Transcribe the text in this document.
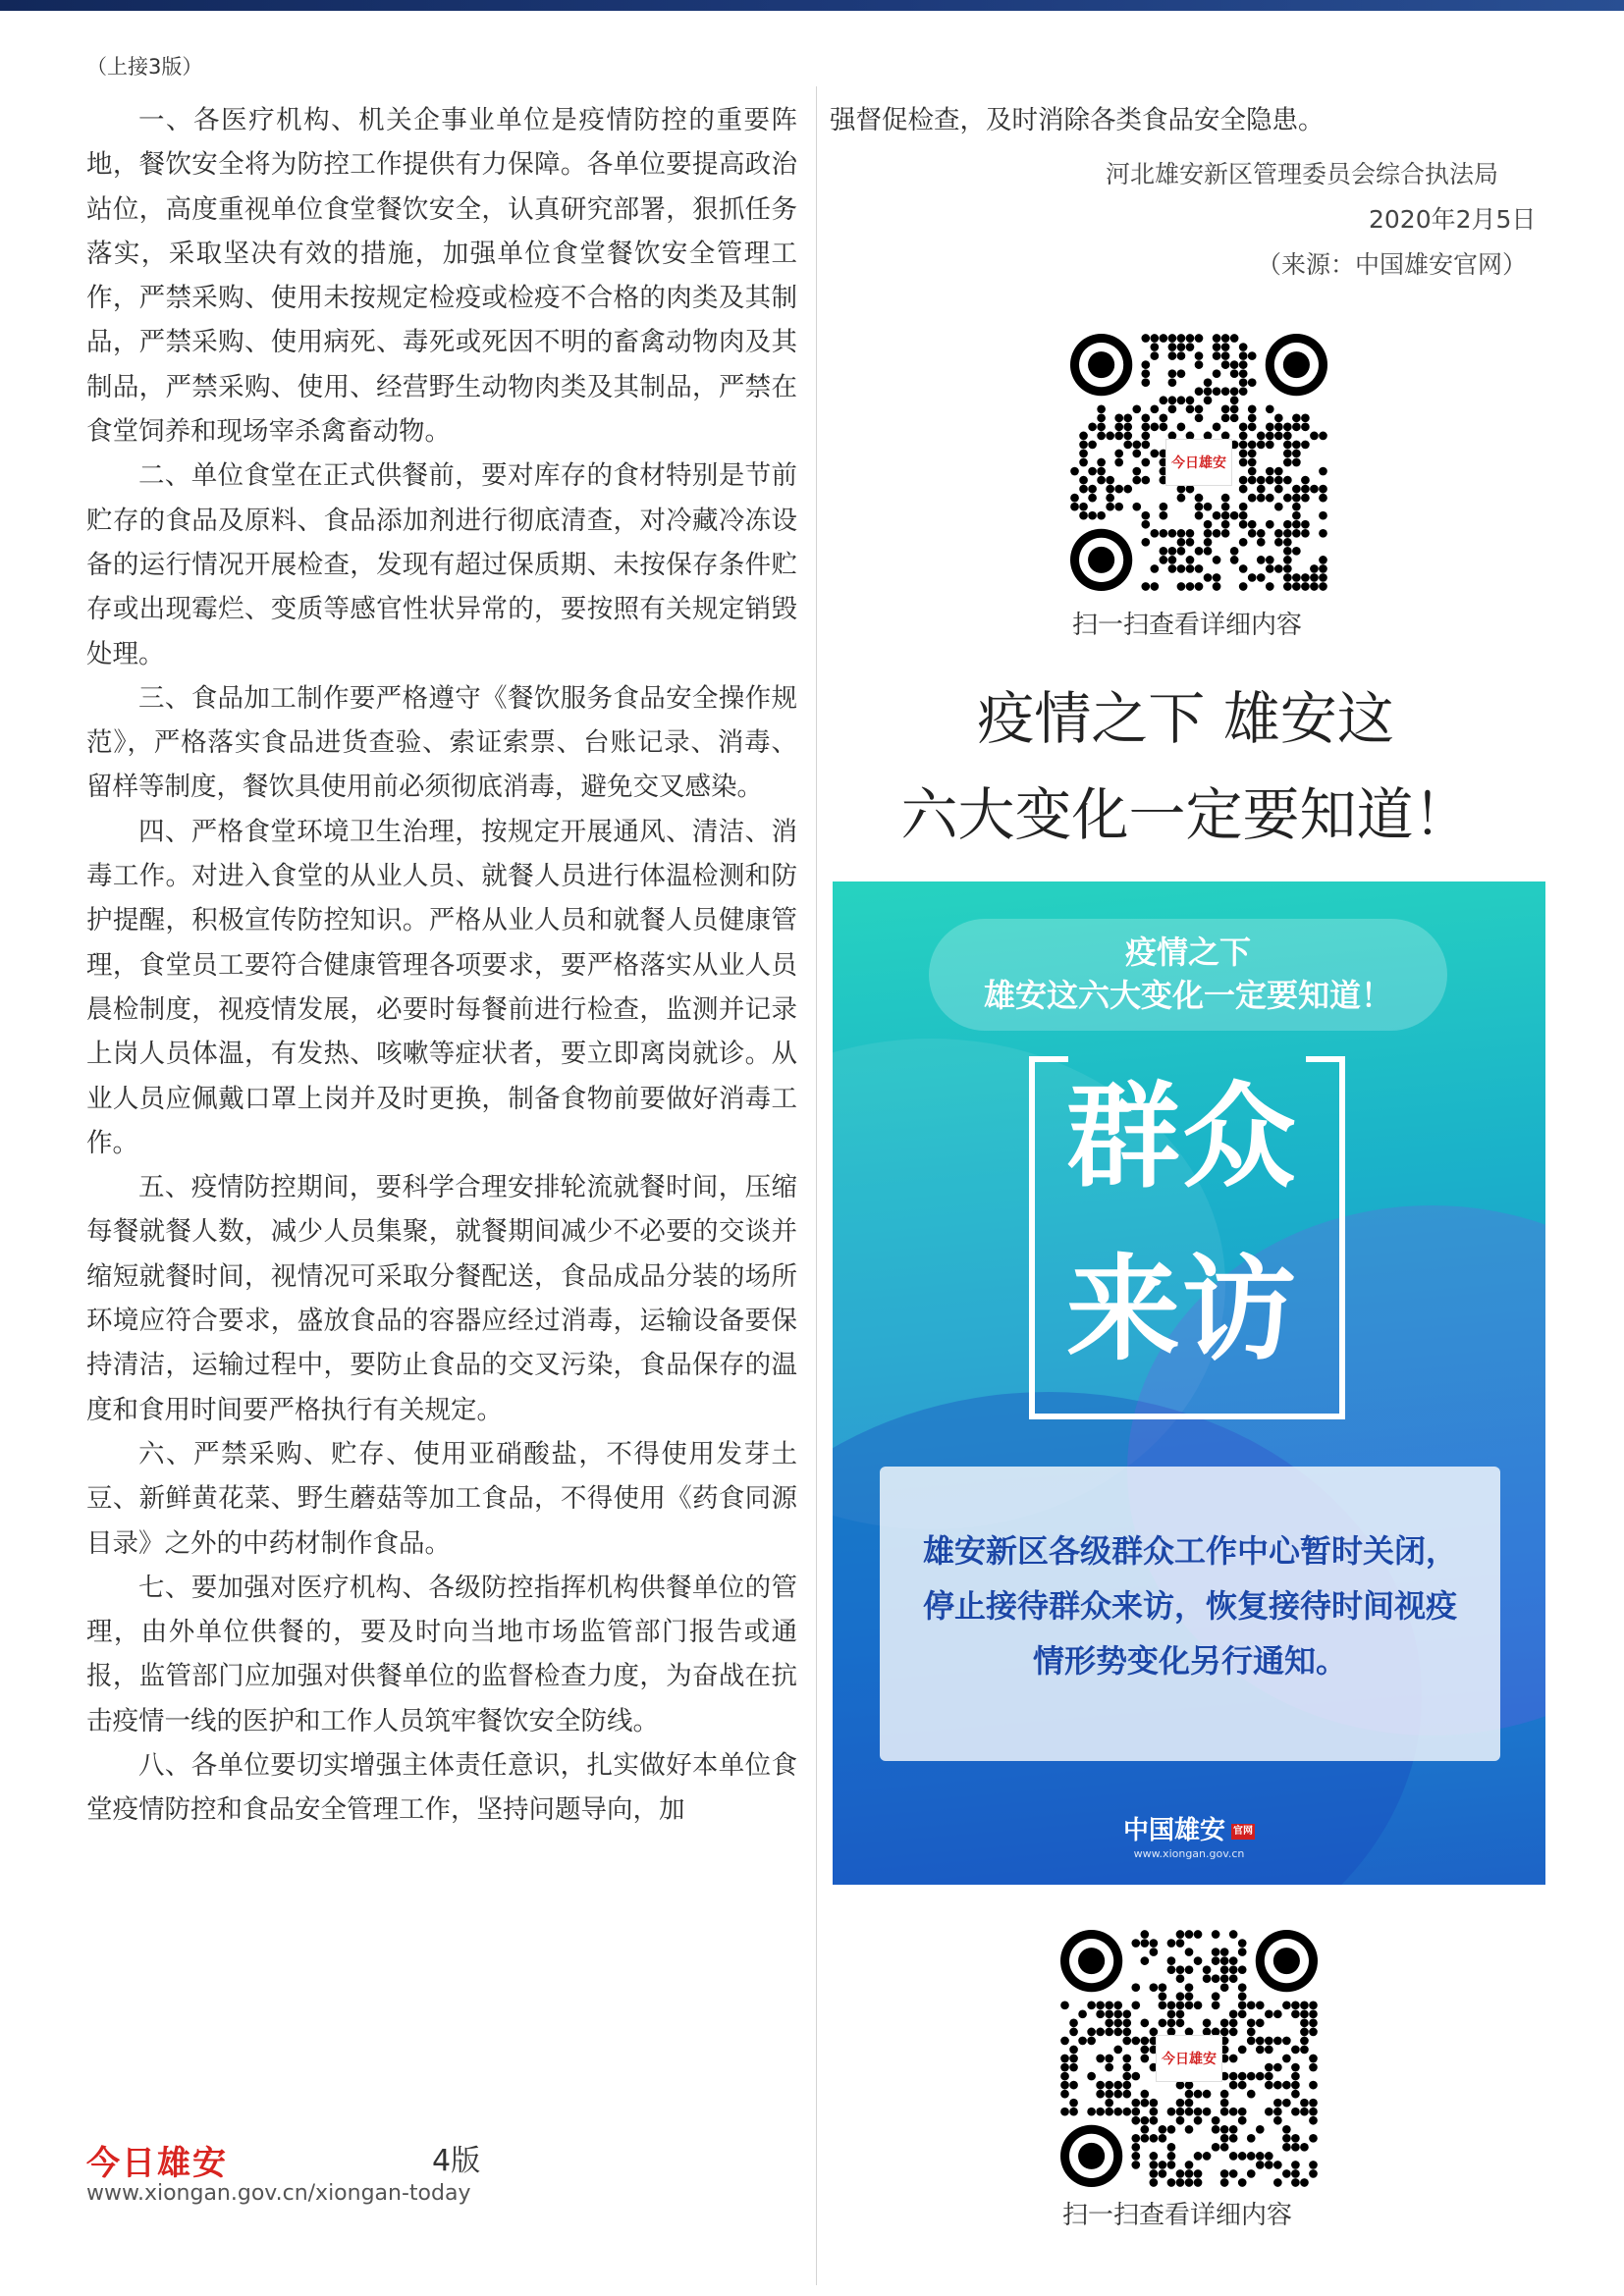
（上接3版）

一、各医疗机构、机关企事业单位是疫情防控的重要阵地，餐饮安全将为防控工作提供有力保障。各单位要提高政治站位，高度重视单位食堂餐饮安全，认真研究部署，狠抓任务落实，采取坚决有效的措施，加强单位食堂餐饮安全管理工作，严禁采购、使用未按规定检疫或检疫不合格的肉类及其制品，严禁采购、使用病死、毒死或死因不明的畜禽动物肉及其制品，严禁采购、使用、经营野生动物肉类及其制品，严禁在食堂饲养和现场宰杀禽畜动物。

二、单位食堂在正式供餐前，要对库存的食材特别是节前贮存的食品及原料、食品添加剂进行彻底清查，对冷藏冷冻设备的运行情况开展检查，发现有超过保质期、未按保存条件贮存或出现霉烂、变质等感官性状异常的，要按照有关规定销毁处理。

三、食品加工制作要严格遵守《餐饮服务食品安全操作规范》，严格落实食品进货查验、索证索票、台账记录、消毒、留样等制度，餐饮具使用前必须彻底消毒，避免交叉感染。

四、严格食堂环境卫生治理，按规定开展通风、清洁、消毒工作。对进入食堂的从业人员、就餐人员进行体温检测和防护提醒，积极宣传防控知识。严格从业人员和就餐人员健康管理，食堂员工要符合健康管理各项要求，要严格落实从业人员晨检制度，视疫情发展，必要时每餐前进行检查，监测并记录上岗人员体温，有发热、咳嗽等症状者，要立即离岗就诊。从业人员应佩戴口罩上岗并及时更换，制备食物前要做好消毒工作。

五、疫情防控期间，要科学合理安排轮流就餐时间，压缩每餐就餐人数，减少人员集聚，就餐期间减少不必要的交谈并缩短就餐时间，视情况可采取分餐配送，食品成品分装的场所环境应符合要求，盛放食品的容器应经过消毒，运输设备要保持清洁，运输过程中，要防止食品的交叉污染，食品保存的温度和食用时间要严格执行有关规定。

六、严禁采购、贮存、使用亚硝酸盐，不得使用发芽土豆、新鲜黄花菜、野生蘑菇等加工食品，不得使用《药食同源目录》之外的中药材制作食品。

七、要加强对医疗机构、各级防控指挥机构供餐单位的管理，由外单位供餐的，要及时向当地市场监管部门报告或通报，监管部门应加强对供餐单位的监督检查力度，为奋战在抗击疫情一线的医护和工作人员筑牢餐饮安全防线。

八、各单位要切实增强主体责任意识，扎实做好本单位食堂疫情防控和食品安全管理工作，坚持问题导向，加

强督促检查，及时消除各类食品安全隐患。

河北雄安新区管理委员会综合执法局
2020年2月5日
（来源：中国雄安官网）
今日雄安
扫一扫查看详细内容
疫情之下 雄安这
六大变化一定要知道！
疫情之下
雄安这六大变化一定要知道！
群众
来访
雄安新区各级群众工作中心暂时关闭，停止接待群众来访，恢复接待时间视疫情形势变化另行通知。
中国雄安 官网
www.xiongan.gov.cn
今日雄安
扫一扫查看详细内容
今日雄安	4版
www.xiongan.gov.cn/xiongan-today
